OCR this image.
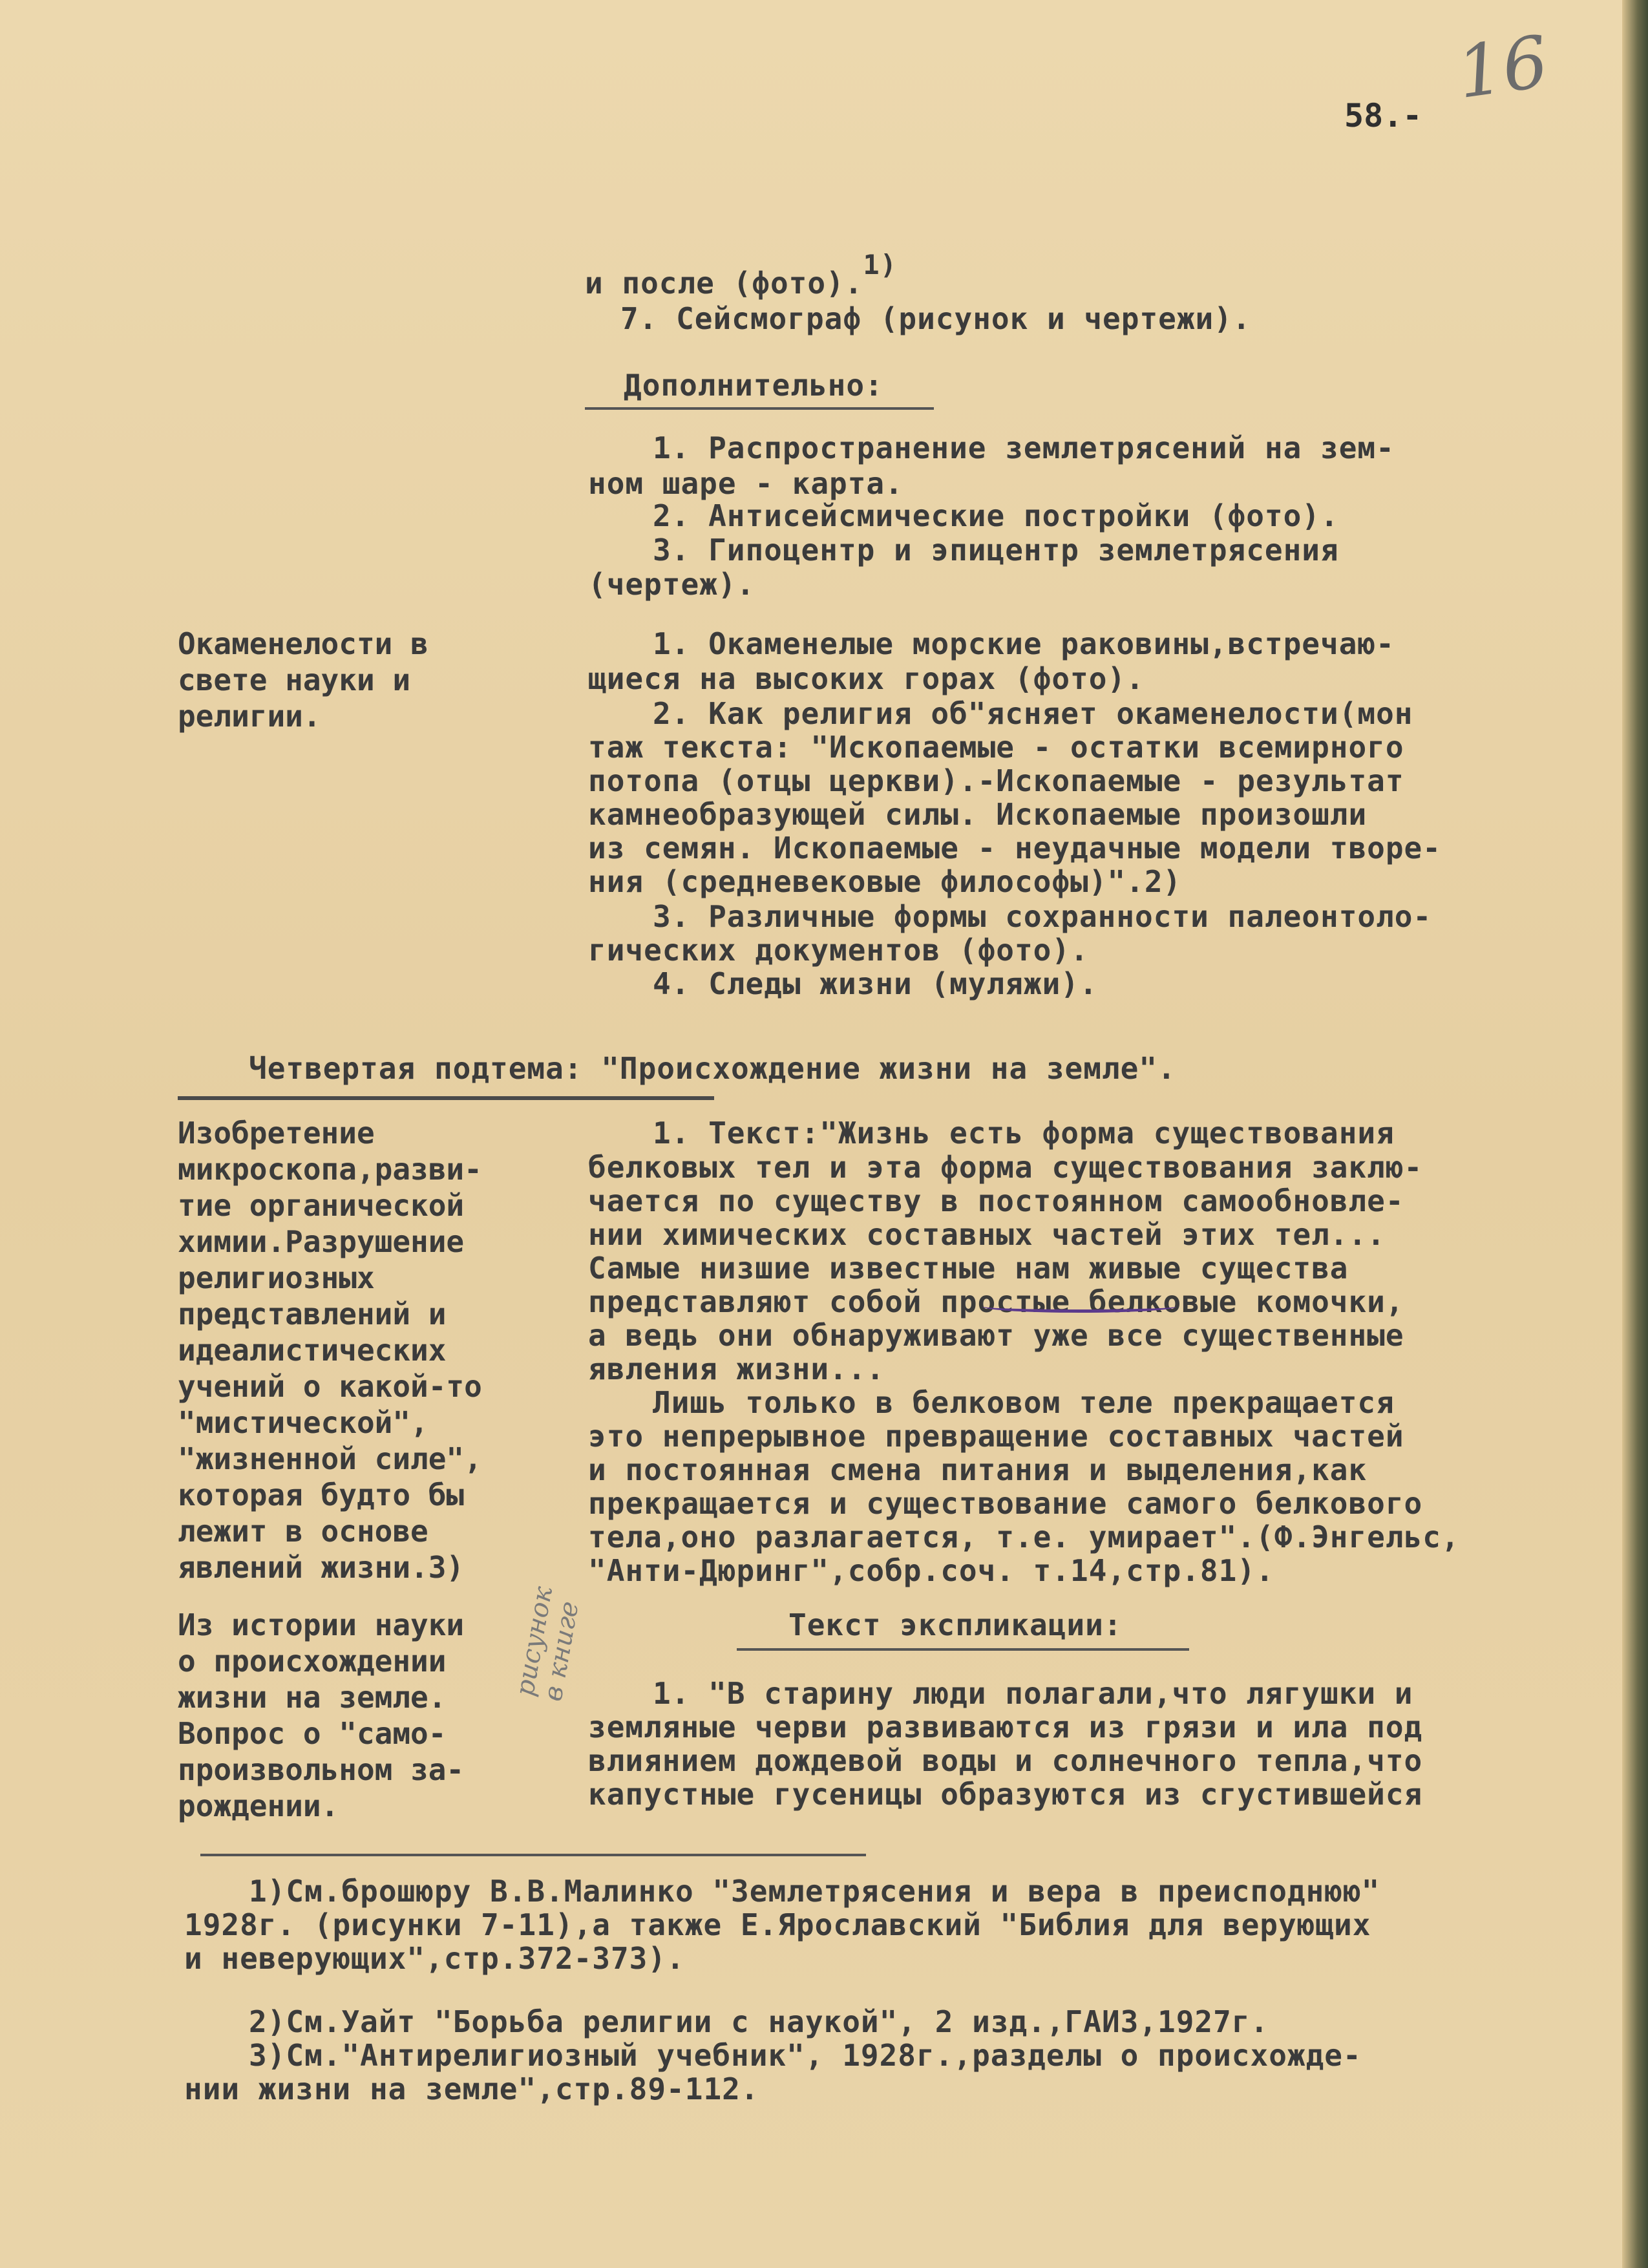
16
58.-
и после (фото).1)
7. Сейсмограф (рисунок и чертежи).
Дополнительно:
1. Распространение землетрясений на зем-
ном шаре - карта.
2. Антисейсмические постройки (фото).
3. Гипоцентр и эпицентр землетрясения
(чертеж).
Окаменелости в
свете науки и
религии.
1. Окаменелые морские раковины,встречаю-
щиеся на высоких горах (фото).
2. Как религия об"ясняет окаменелости(мон
таж текста: "Ископаемые - остатки всемирного
потопа (отцы церкви).-Ископаемые - результат
камнеобразующей силы. Ископаемые произошли
из семян. Ископаемые - неудачные модели творе-
ния (средневековые философы)".2)
3. Различные формы сохранности палеонтоло-
гических документов (фото).
4. Следы жизни (муляжи).
Четвертая подтема: "Происхождение жизни на земле".
Изобретение
микроскопа,разви-
тие органической
химии.Разрушение
религиозных
представлений и
идеалистических
учений о какой-то
"мистической",
"жизненной силе",
которая будто бы
лежит в основе
явлений жизни.3)
1. Текст:"Жизнь есть форма существования
белковых тел и эта форма существования заклю-
чается по существу в постоянном самообновле-
нии химических составных частей этих тел...
Самые низшие известные нам живые существа
представляют собой простые белковые комочки,
а ведь они обнаруживают уже все существенные
явления жизни...
Лишь только в белковом теле прекращается
это непрерывное превращение составных частей
и постоянная смена питания и выделения,как
прекращается и существование самого белкового
тела,оно разлагается, т.е. умирает".(Ф.Энгельс,
"Анти-Дюринг",собр.соч. т.14,стр.81).
Текст экспликации:
Из истории науки
о происхождении
жизни на земле.
Вопрос о "само-
произвольном за-
рождении.
рисунок
в книге 1. "В старину люди полагали,что лягушки и
земляные черви развиваются из грязи и ила под
влиянием дождевой воды и солнечного тепла,что
капустные гусеницы образуются из сгустившейся
1)См.брошюру В.В.Малинко "Землетрясения и вера в преисподнюю"
1928г. (рисунки 7-11),а также Е.Ярославский "Библия для верующих
и неверующих",стр.372-373).
2)См.Уайт "Борьба религии с наукой", 2 изд.,ГАИЗ,1927г.
3)См."Антирелигиозный учебник", 1928г.,разделы о происхожде-
нии жизни на земле",стр.89-112.
